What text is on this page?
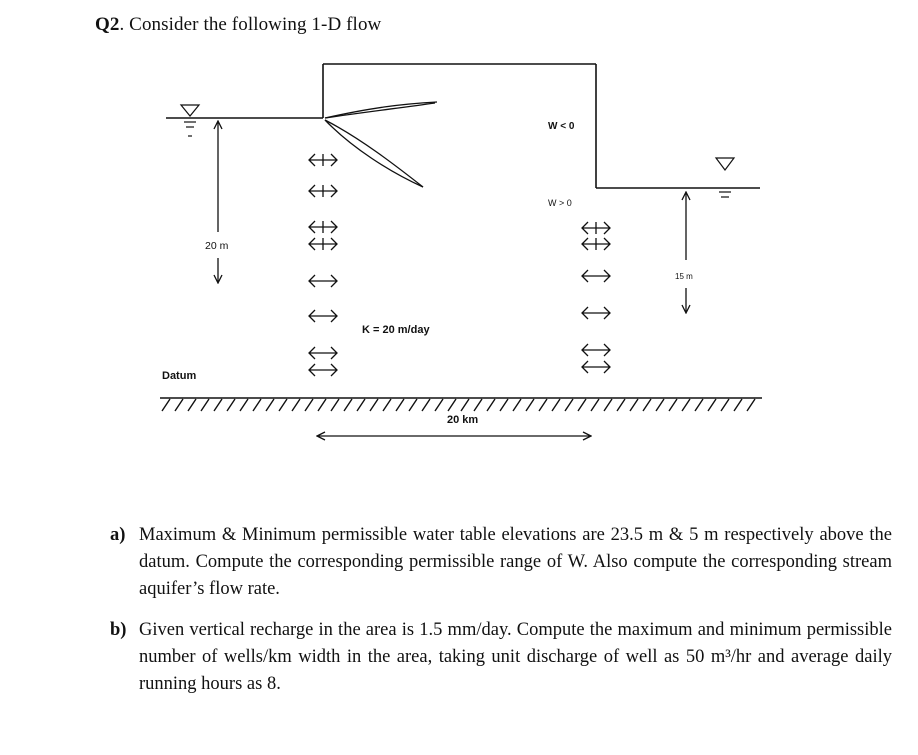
Q2. Consider the following 1-D flow
20 m
15 m
W < 0
W > 0
K = 20 m/day
Datum
20 km
a) Maximum & Minimum permissible water table elevations are 23.5 m & 5 m respectively above the datum. Compute the corresponding permissible range of W. Also compute the corresponding stream aquifer’s flow rate.
b) Given vertical recharge in the area is 1.5 mm/day. Compute the maximum and minimum permissible number of wells/km width in the area, taking unit discharge of well as 50 m³/hr and average daily running hours as 8.
